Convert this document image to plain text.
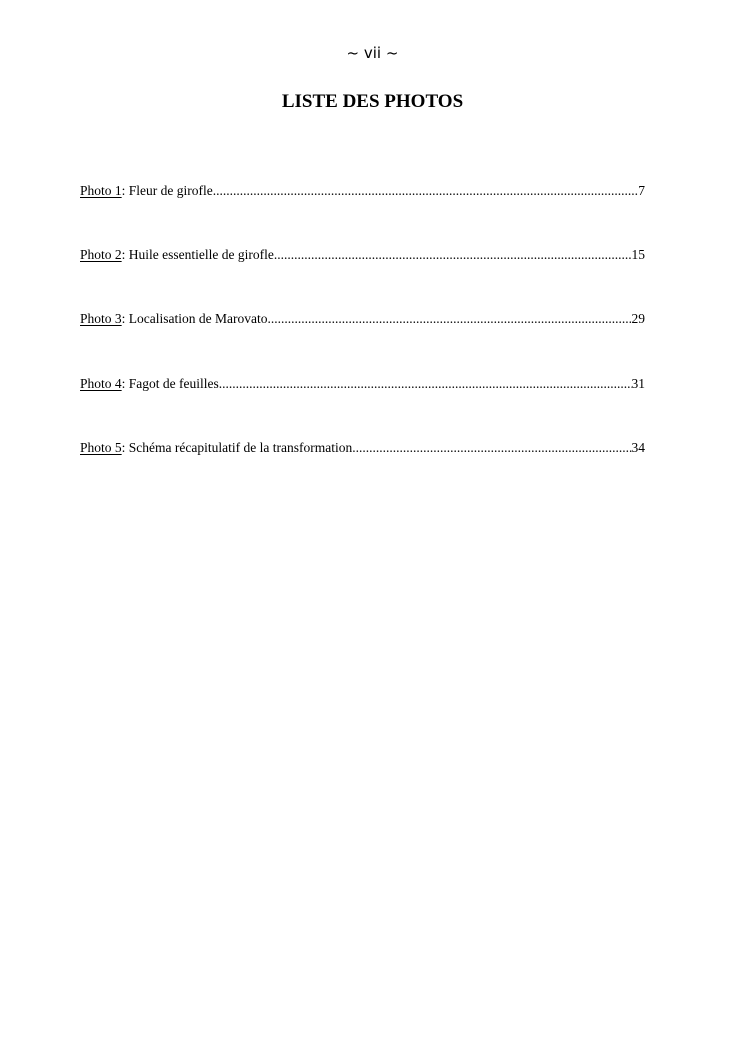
~ vii ~
LISTE DES PHOTOS
Photo 1 : Fleur de girofle .....	7
Photo 2 : Huile essentielle de girofle .....	15
Photo 3 : Localisation de Marovato .....	29
Photo 4 : Fagot de feuilles .....	31
Photo 5 : Schéma récapitulatif de la transformation .....	34
